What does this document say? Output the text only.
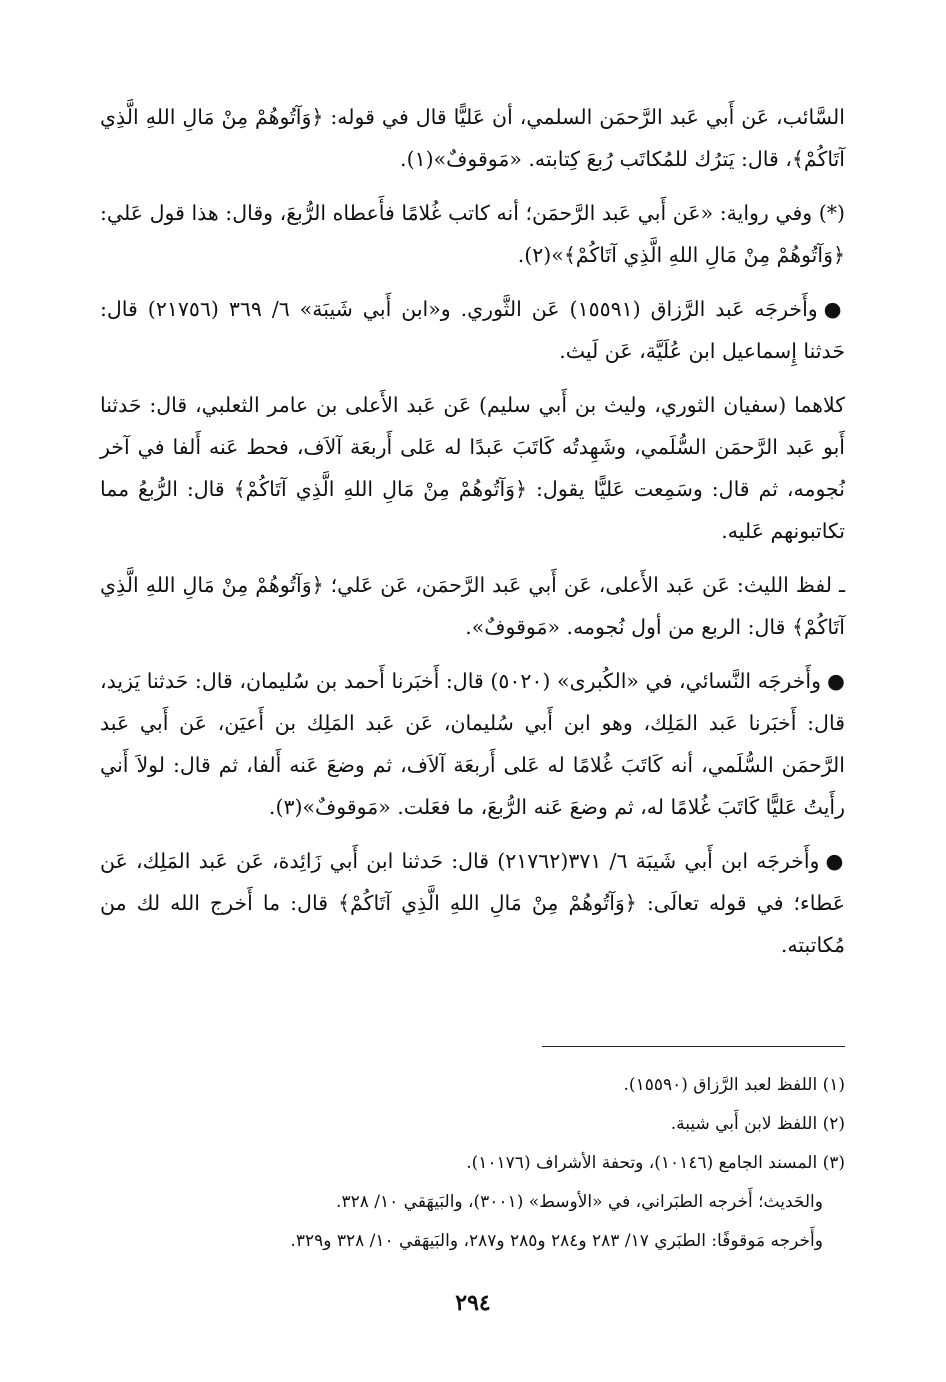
السَّائب، عَن أَبي عَبد الرَّحمَن السلمي، أن عَليًّا قال في قوله: ﴿وَآتُوهُمْ مِنْ مَالِ اللهِ الَّذِي آتَاكُمْ﴾، قال: يَترُك للمُكاتَب رُبعَ كِتابته. «مَوقوفٌ»(١).

(*) وفي رواية: «عَن أَبي عَبد الرَّحمَن؛ أنه كاتب غُلامًا فأَعطاه الرُّبعَ، وقال: هذا قول عَلي: ﴿وَآتُوهُمْ مِنْ مَالِ اللهِ الَّذِي آتَاكُمْ﴾»(٢).

●وأَخرجَه عَبد الرَّزاق (١٥٥٩١) عَن الثَّوري. و«ابن أَبي شَيبَة» ٦/ ٣٦٩ (٢١٧٥٦) قال: حَدثنا إِسماعيل ابن عُلَيَّة، عَن لَيث.

كلاهما (سفيان الثوري، وليث بن أَبي سليم) عَن عَبد الأَعلى بن عامر الثعلبي، قال: حَدثنا أَبو عَبد الرَّحمَن السُّلَمي، وشَهِدتُه كَاتَبَ عَبدًا له عَلى أَربعَة آلاَف، فحط عَنه أَلفا في آخر نُجومه، ثم قال: وسَمِعت عَليًّا يقول: ﴿وَآتُوهُمْ مِنْ مَالِ اللهِ الَّذِي آتَاكُمْ﴾ قال: الرُّبعُ مما تكاتبونهم عَليه.

ـ لفظ الليث: عَن عَبد الأَعلى، عَن أَبي عَبد الرَّحمَن، عَن عَلي؛ ﴿وَآتُوهُمْ مِنْ مَالِ اللهِ الَّذِي آتَاكُمْ﴾ قال: الربع من أول نُجومه. «مَوقوفٌ».

●وأَخرجَه النَّسائي، في «الكُبرى» (٥٠٢٠) قال: أَخبَرنا أَحمد بن سُليمان، قال: حَدثنا يَزيد، قال: أَخبَرنا عَبد المَلِك، وهو ابن أَبي سُليمان، عَن عَبد المَلِك بن أَعيَن، عَن أَبي عَبد الرَّحمَن السُّلَمي، أنه كَاتَبَ غُلامًا له عَلى أَربعَة آلاَف، ثم وضعَ عَنه أَلفا، ثم قال: لولاَ أَني رأَيتُ عَليًّا كَاتَبَ غُلامًا له، ثم وضعَ عَنه الرُّبعَ، ما فعَلت. «مَوقوفٌ»(٣).

●وأَخرجَه ابن أَبي شَيبَة ٦/ ٣٧١(٢١٧٦٢) قال: حَدثنا ابن أَبي زَائِدة، عَن عَبد المَلِك، عَن عَطاء؛ في قوله تعالَى: ﴿وَآتُوهُمْ مِنْ مَالِ اللهِ الَّذِي آتَاكُمْ﴾ قال: ما أَخرج الله لك من مُكاتبته.

(١) اللفظ لعبد الرَّزاق (١٥٥٩٠).

(٢) اللفظ لابن أَبي شيبة.

(٣) المسند الجامع (١٠١٤٦)، وتحفة الأشراف (١٠١٧٦).

والحَديث؛ أَخرجه الطبَراني، في «الأوسط» (٣٠٠١)، والبَيهَقي ١٠/ ٣٢٨.

وأَخرجه مَوقوفًا: الطبَري ١٧/ ٢٨٣ و٢٨٤ و٢٨٥ و٢٨٧، والبَيهَقي ١٠/ ٣٢٨ و٣٢٩.

٢٩٤
